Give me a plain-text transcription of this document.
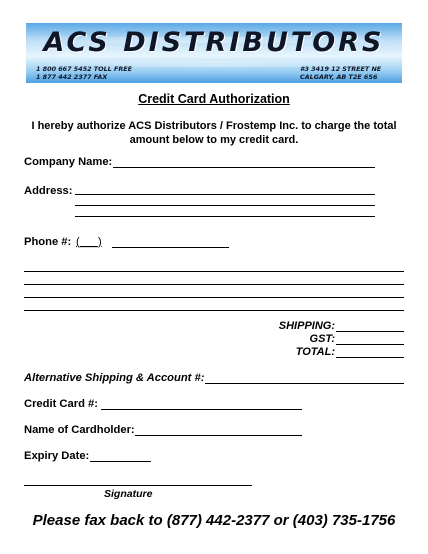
ACS DISTRIBUTORS
1 800 667 5452 TOLL FREE
1 877 442 2377 FAX
#3 3419 12 STREET NE
CALGARY, AB T2E 6S6
Credit Card Authorization
I hereby authorize ACS Distributors / Frostemp Inc. to charge the total amount below to my credit card.
Company Name:
Address:
Phone #: (___)
SHIPPING:
GST:
TOTAL:
Alternative Shipping & Account #:
Credit Card #:
Name of Cardholder:
Expiry Date:
Signature
Please fax back to (877) 442-2377 or (403) 735-1756
